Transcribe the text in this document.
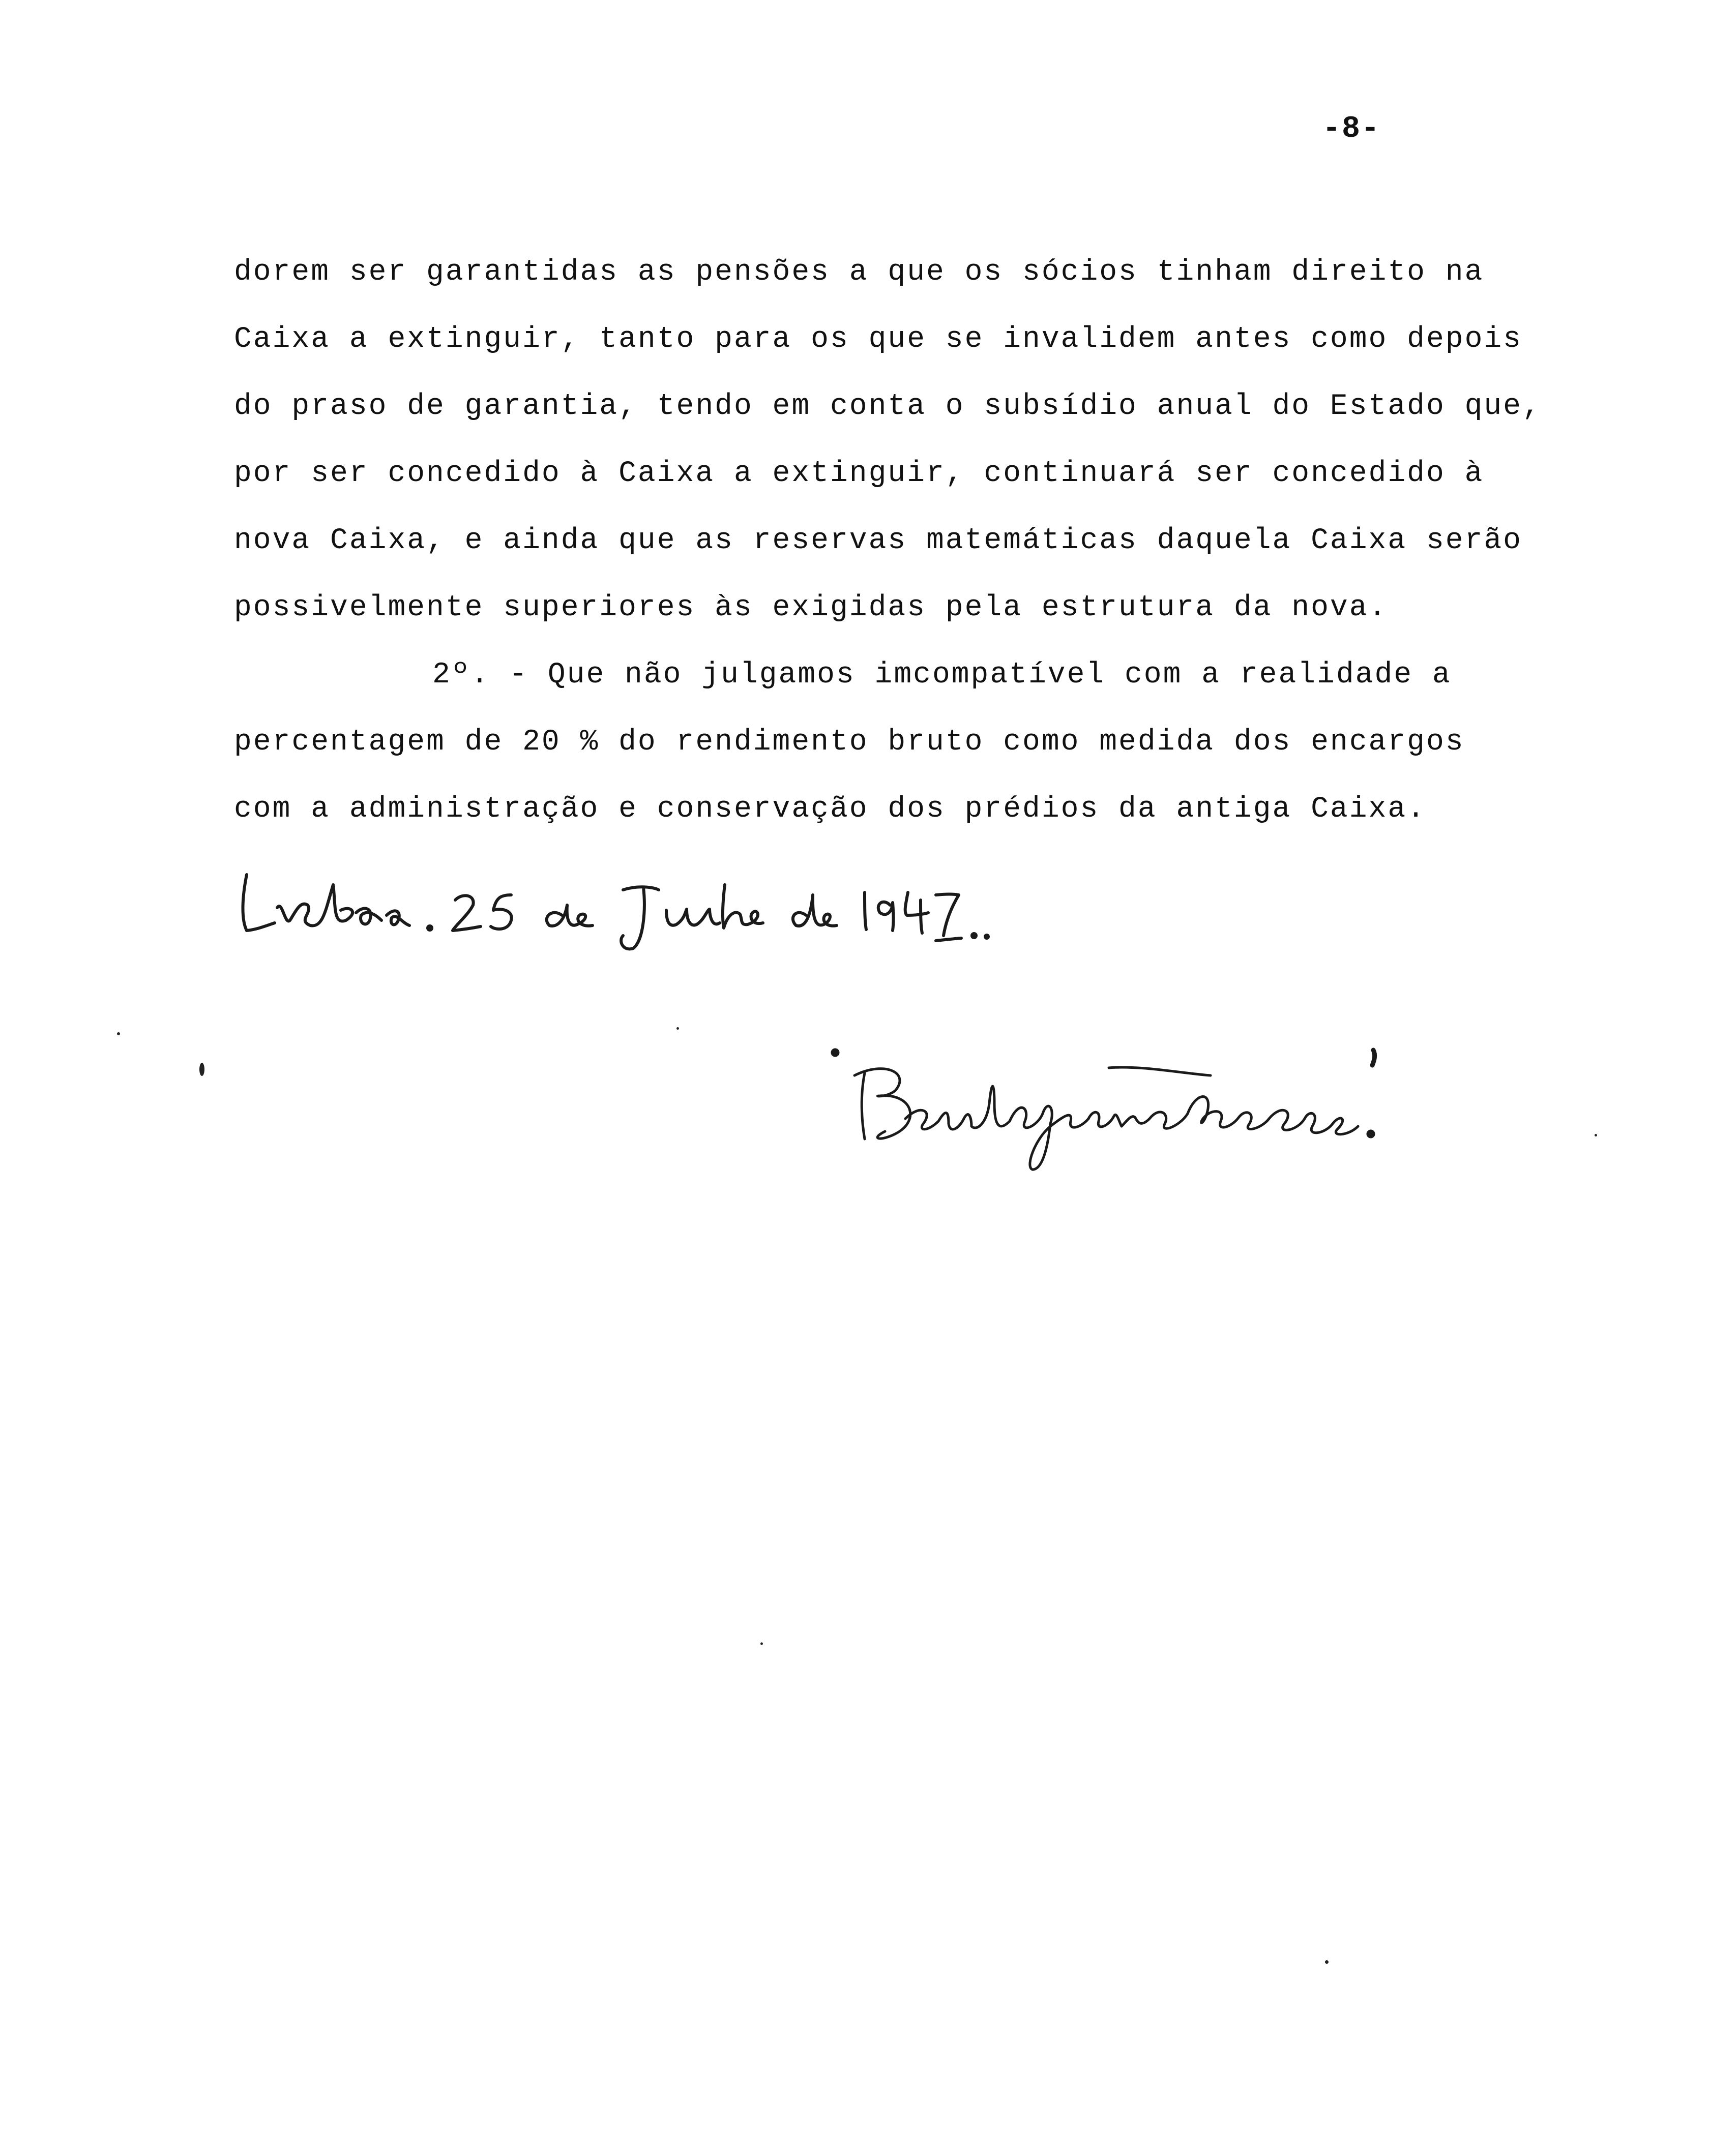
-8-
dorem ser garantidas as pensões a que os sócios tinham direito na
Caixa a extinguir, tanto para os que se invalidem antes como depois
do praso de garantia, tendo em conta o subsídio anual do Estado que,
por ser concedido à Caixa a extinguir, continuará ser concedido à
nova Caixa, e ainda que as reservas matemáticas daquela Caixa serão
possivelmente superiores às exigidas pela estrutura da nova.
2º. - Que não julgamos imcompatível com a realidade a
percentagem de 20 % do rendimento bruto como medida dos encargos
com a administração e conservação dos prédios da antiga Caixa.
